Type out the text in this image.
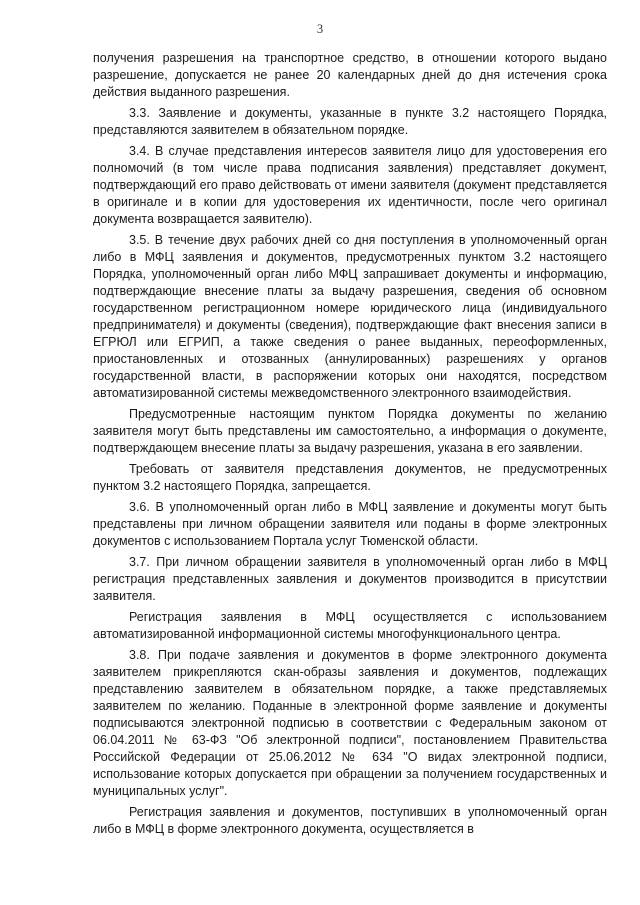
3

получения разрешения на транспортное средство, в отношении которого выдано разрешение, допускается не ранее 20 календарных дней до дня истечения срока действия выданного разрешения.

3.3. Заявление и документы, указанные в пункте 3.2 настоящего Порядка, представляются заявителем в обязательном порядке.

3.4. В случае представления интересов заявителя лицо для удостоверения его полномочий (в том числе права подписания заявления) представляет документ, подтверждающий его право действовать от имени заявителя (документ представляется в оригинале и в копии для удостоверения их идентичности, после чего оригинал документа возвращается заявителю).

3.5. В течение двух рабочих дней со дня поступления в уполномоченный орган либо в МФЦ заявления и документов, предусмотренных пунктом 3.2 настоящего Порядка, уполномоченный орган либо МФЦ запрашивает документы и информацию, подтверждающие внесение платы за выдачу разрешения, сведения об основном государственном регистрационном номере юридического лица (индивидуального предпринимателя) и документы (сведения), подтверждающие факт внесения записи в ЕГРЮЛ или ЕГРИП, а также сведения о ранее выданных, переоформленных, приостановленных и отозванных (аннулированных) разрешениях у органов государственной власти, в распоряжении которых они находятся, посредством автоматизированной системы межведомственного электронного взаимодействия.

Предусмотренные настоящим пунктом Порядка документы по желанию заявителя могут быть представлены им самостоятельно, а информация о документе, подтверждающем внесение платы за выдачу разрешения, указана в его заявлении.

Требовать от заявителя представления документов, не предусмотренных пунктом 3.2 настоящего Порядка, запрещается.

3.6. В уполномоченный орган либо в МФЦ заявление и документы могут быть представлены при личном обращении заявителя или поданы в форме электронных документов с использованием Портала услуг Тюменской области.

3.7. При личном обращении заявителя в уполномоченный орган либо в МФЦ регистрация представленных заявления и документов производится в присутствии заявителя.

Регистрация заявления в МФЦ осуществляется с использованием автоматизированной информационной системы многофункционального центра.

3.8. При подаче заявления и документов в форме электронного документа заявителем прикрепляются скан-образы заявления и документов, подлежащих представлению заявителем в обязательном порядке, а также представляемых заявителем по желанию. Поданные в электронной форме заявление и документы подписываются электронной подписью в соответствии с Федеральным законом от 06.04.2011 № 63-ФЗ "Об электронной подписи", постановлением Правительства Российской Федерации от 25.06.2012 № 634 "О видах электронной подписи, использование которых допускается при обращении за получением государственных и муниципальных услуг".

Регистрация заявления и документов, поступивших в уполномоченный орган либо в МФЦ в форме электронного документа, осуществляется в
